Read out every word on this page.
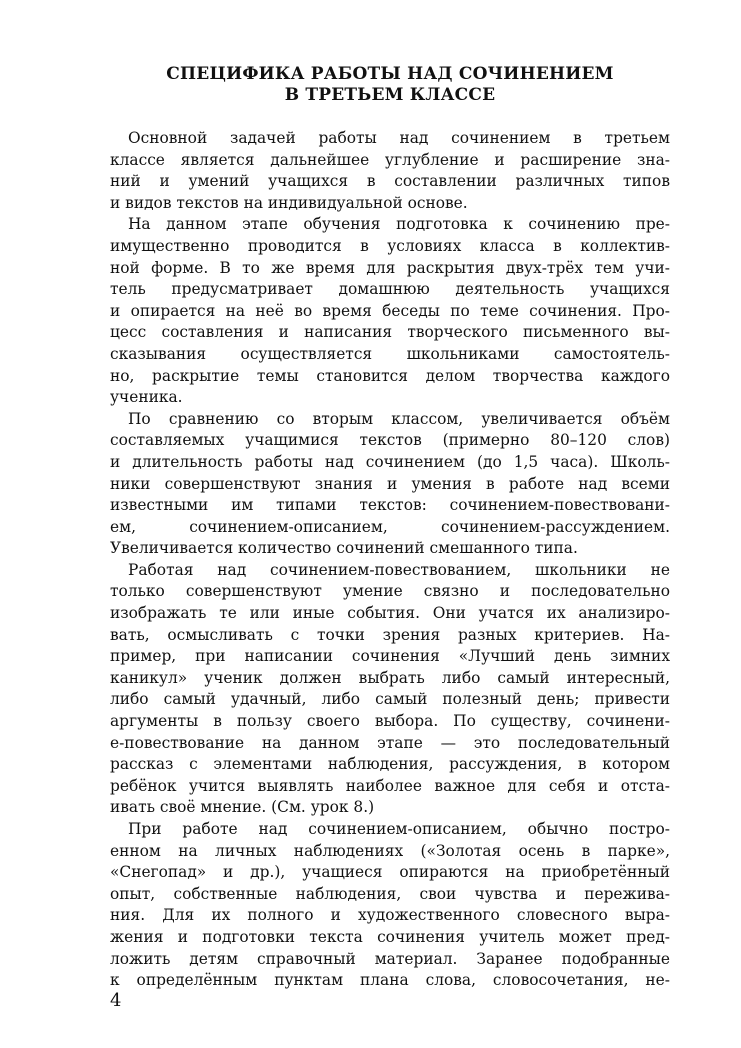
СПЕЦИФИКА РАБОТЫ НАД СОЧИНЕНИЕМ
В ТРЕТЬЕМ КЛАССЕ
Основной задачей работы над сочинением в третьем
классе является дальнейшее углубление и расширение зна-
ний и умений учащихся в составлении различных типов
и видов текстов на индивидуальной основе.
На данном этапе обучения подготовка к сочинению пре-
имущественно проводится в условиях класса в коллектив-
ной форме. В то же время для раскрытия двух-трёх тем учи-
тель предусматривает домашнюю деятельность учащихся
и опирается на неё во время беседы по теме сочинения. Про-
цесс составления и написания творческого письменного вы-
сказывания осуществляется школьниками самостоятель-
но, раскрытие темы становится делом творчества каждого
ученика.
По сравнению со вторым классом, увеличивается объём
составляемых учащимися текстов (примерно 80–120 слов)
и длительность работы над сочинением (до 1,5 часа). Школь-
ники совершенствуют знания и умения в работе над всеми
известными им типами текстов: сочинением-повествовани-
ем, сочинением-описанием, сочинением-рассуждением.
Увеличивается количество сочинений смешанного типа.
Работая над сочинением-повествованием, школьники не
только совершенствуют умение связно и последовательно
изображать те или иные события. Они учатся их анализиро-
вать, осмысливать с точки зрения разных критериев. На-
пример, при написании сочинения «Лучший день зимних
каникул» ученик должен выбрать либо самый интересный,
либо самый удачный, либо самый полезный день; привести
аргументы в пользу своего выбора. По существу, сочинени-
е-повествование на данном этапе — это последовательный
рассказ с элементами наблюдения, рассуждения, в котором
ребёнок учится выявлять наиболее важное для себя и отста-
ивать своё мнение. (См. урок 8.)
При работе над сочинением-описанием, обычно постро-
енном на личных наблюдениях («Золотая осень в парке»,
«Снегопад» и др.), учащиеся опираются на приобретённый
опыт, собственные наблюдения, свои чувства и пережива-
ния. Для их полного и художественного словесного выра-
жения и подготовки текста сочинения учитель может пред-
ложить детям справочный материал. Заранее подобранные
к определённым пунктам плана слова, словосочетания, не-
4
